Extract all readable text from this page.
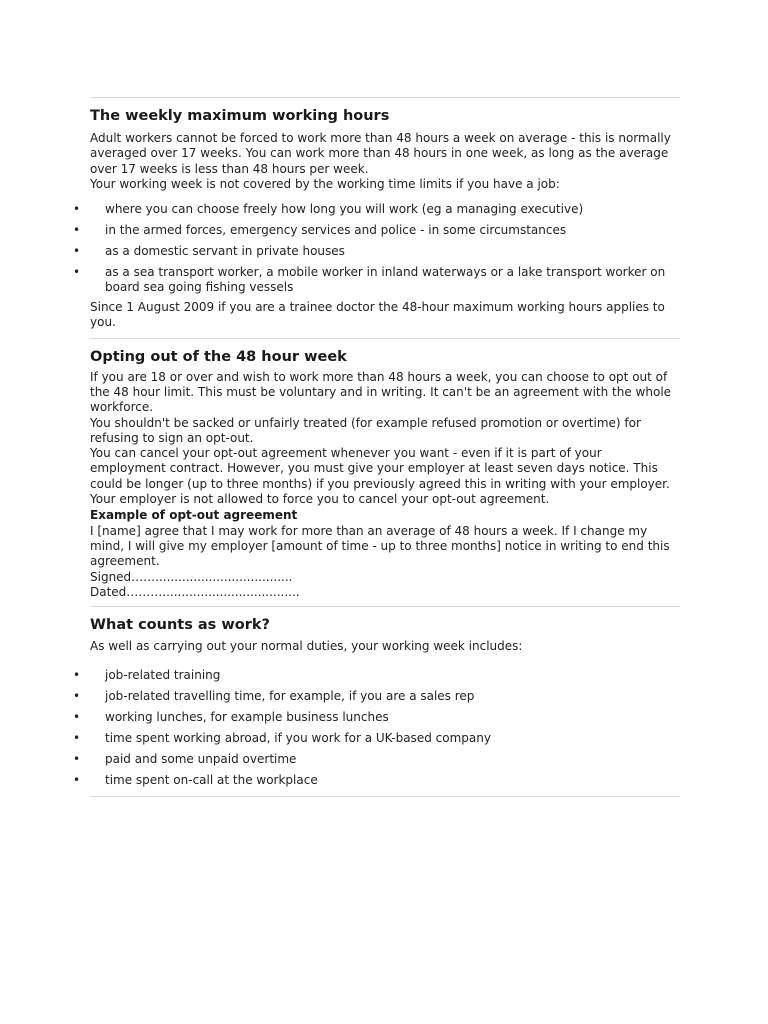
The weekly maximum working hours

Adult workers cannot be forced to work more than 48 hours a week on average - this is normally averaged over 17 weeks. You can work more than 48 hours in one week, as long as the average over 17 weeks is less than 48 hours per week.

Your working week is not covered by the working time limits if you have a job:

• where you can choose freely how long you will work (eg a managing executive)
• in the armed forces, emergency services and police - in some circumstances
• as a domestic servant in private houses
• as a sea transport worker, a mobile worker in inland waterways or a lake transport worker on board sea going fishing vessels

Since 1 August 2009 if you are a trainee doctor the 48-hour maximum working hours applies to you.

Opting out of the 48 hour week

If you are 18 or over and wish to work more than 48 hours a week, you can choose to opt out of the 48 hour limit. This must be voluntary and in writing. It can't be an agreement with the whole workforce.

You shouldn't be sacked or unfairly treated (for example refused promotion or overtime) for refusing to sign an opt-out.

You can cancel your opt-out agreement whenever you want - even if it is part of your employment contract. However, you must give your employer at least seven days notice. This could be longer (up to three months) if you previously agreed this in writing with your employer.

Your employer is not allowed to force you to cancel your opt-out agreement.

Example of opt-out agreement

I [name] agree that I may work for more than an average of 48 hours a week. If I change my mind, I will give my employer [amount of time - up to three months] notice in writing to end this agreement.

Signed……....................................

Dated………....................................

What counts as work?

As well as carrying out your normal duties, your working week includes:

• job-related training
• job-related travelling time, for example, if you are a sales rep
• working lunches, for example business lunches
• time spent working abroad, if you work for a UK-based company
• paid and some unpaid overtime
• time spent on-call at the workplace
